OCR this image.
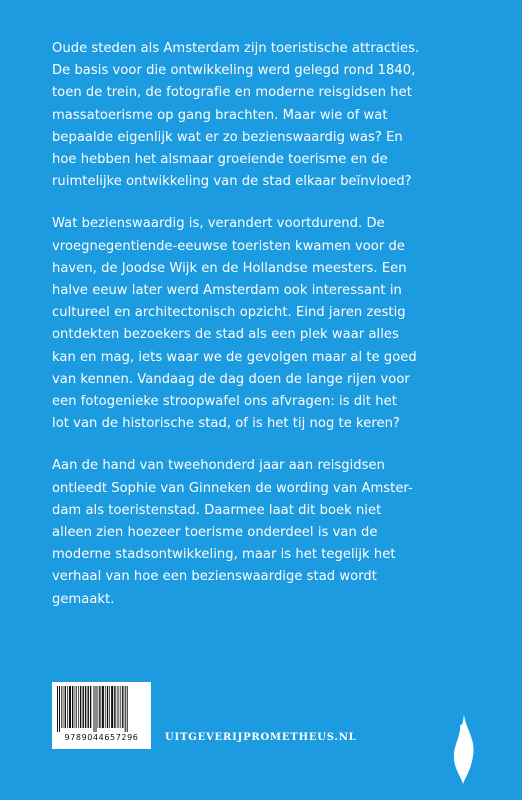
Oude steden als Amsterdam zijn toeristische attracties.
De basis voor die ontwikkeling werd gelegd rond 1840,
toen de trein, de fotografie en moderne reisgidsen het
massatoerisme op gang brachten. Maar wie of wat
bepaalde eigenlijk wat er zo bezienswaardig was? En
hoe hebben het alsmaar groeiende toerisme en de
ruimtelijke ontwikkeling van de stad elkaar beïnvloed?

Wat bezienswaardig is, verandert voortdurend. De
vroegnegentiende-eeuwse toeristen kwamen voor de
haven, de Joodse Wijk en de Hollandse meesters. Een
halve eeuw later werd Amsterdam ook interessant in
cultureel en architectonisch opzicht. Eind jaren zestig
ontdekten bezoekers de stad als een plek waar alles
kan en mag, iets waar we de gevolgen maar al te goed
van kennen. Vandaag de dag doen de lange rijen voor
een fotogenieke stroopwafel ons afvragen: is dit het
lot van de historische stad, of is het tij nog te keren?

Aan de hand van tweehonderd jaar aan reisgidsen
ontleedt Sophie van Ginneken de wording van Amster-
dam als toeristenstad. Daarmee laat dit boek niet
alleen zien hoezeer toerisme onderdeel is van de
moderne stadsontwikkeling, maar is het tegelijk het
verhaal van hoe een bezienswaardige stad wordt
gemaakt.

9789044657296	UITGEVERIJPROMETHEUS.NL
